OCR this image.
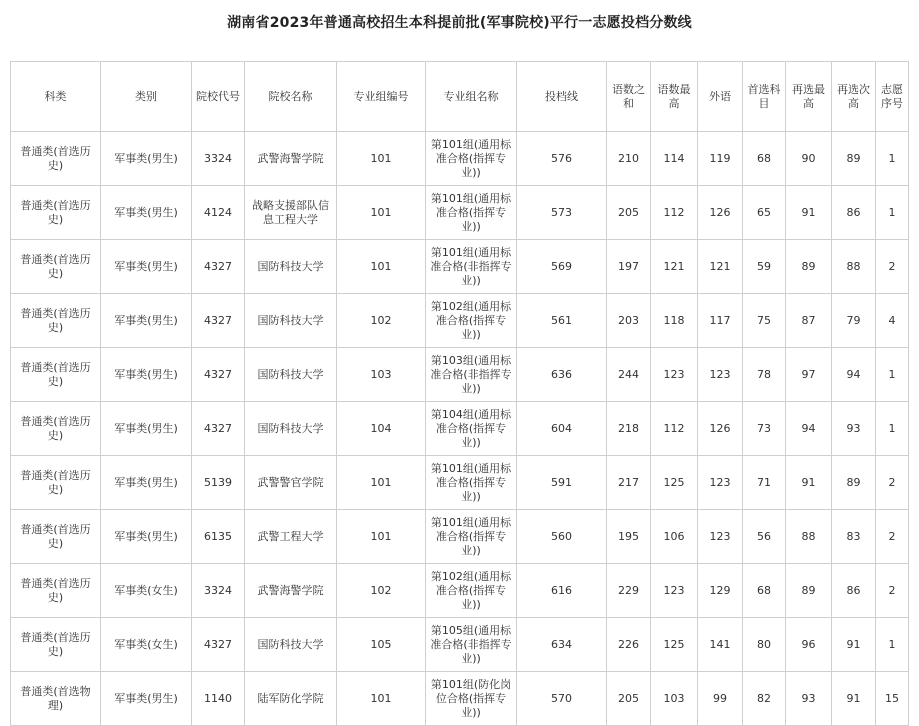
湖南省2023年普通高校招生本科提前批(军事院校)平行一志愿投档分数线
科类	类别	院校代号	院校名称	专业组编号	专业组名称	投档线	语数之和	语数最高	外语	首选科目	再选最高	再选次高	志愿序号
普通类(首选历史)	军事类(男生)	3324	武警海警学院	101	第101组(通用标准合格(指挥专业))	576	210	114	119	68	90	89	1
普通类(首选历史)	军事类(男生)	4124	战略支援部队信息工程大学	101	第101组(通用标准合格(指挥专业))	573	205	112	126	65	91	86	1
普通类(首选历史)	军事类(男生)	4327	国防科技大学	101	第101组(通用标准合格(非指挥专业))	569	197	121	121	59	89	88	2
普通类(首选历史)	军事类(男生)	4327	国防科技大学	102	第102组(通用标准合格(指挥专业))	561	203	118	117	75	87	79	4
普通类(首选历史)	军事类(男生)	4327	国防科技大学	103	第103组(通用标准合格(非指挥专业))	636	244	123	123	78	97	94	1
普通类(首选历史)	军事类(男生)	4327	国防科技大学	104	第104组(通用标准合格(指挥专业))	604	218	112	126	73	94	93	1
普通类(首选历史)	军事类(男生)	5139	武警警官学院	101	第101组(通用标准合格(指挥专业))	591	217	125	123	71	91	89	2
普通类(首选历史)	军事类(男生)	6135	武警工程大学	101	第101组(通用标准合格(指挥专业))	560	195	106	123	56	88	83	2
普通类(首选历史)	军事类(女生)	3324	武警海警学院	102	第102组(通用标准合格(指挥专业))	616	229	123	129	68	89	86	2
普通类(首选历史)	军事类(女生)	4327	国防科技大学	105	第105组(通用标准合格(非指挥专业))	634	226	125	141	80	96	91	1
普通类(首选物理)	军事类(男生)	1140	陆军防化学院	101	第101组(防化岗位合格(指挥专业))	570	205	103	99	82	93	91	15
